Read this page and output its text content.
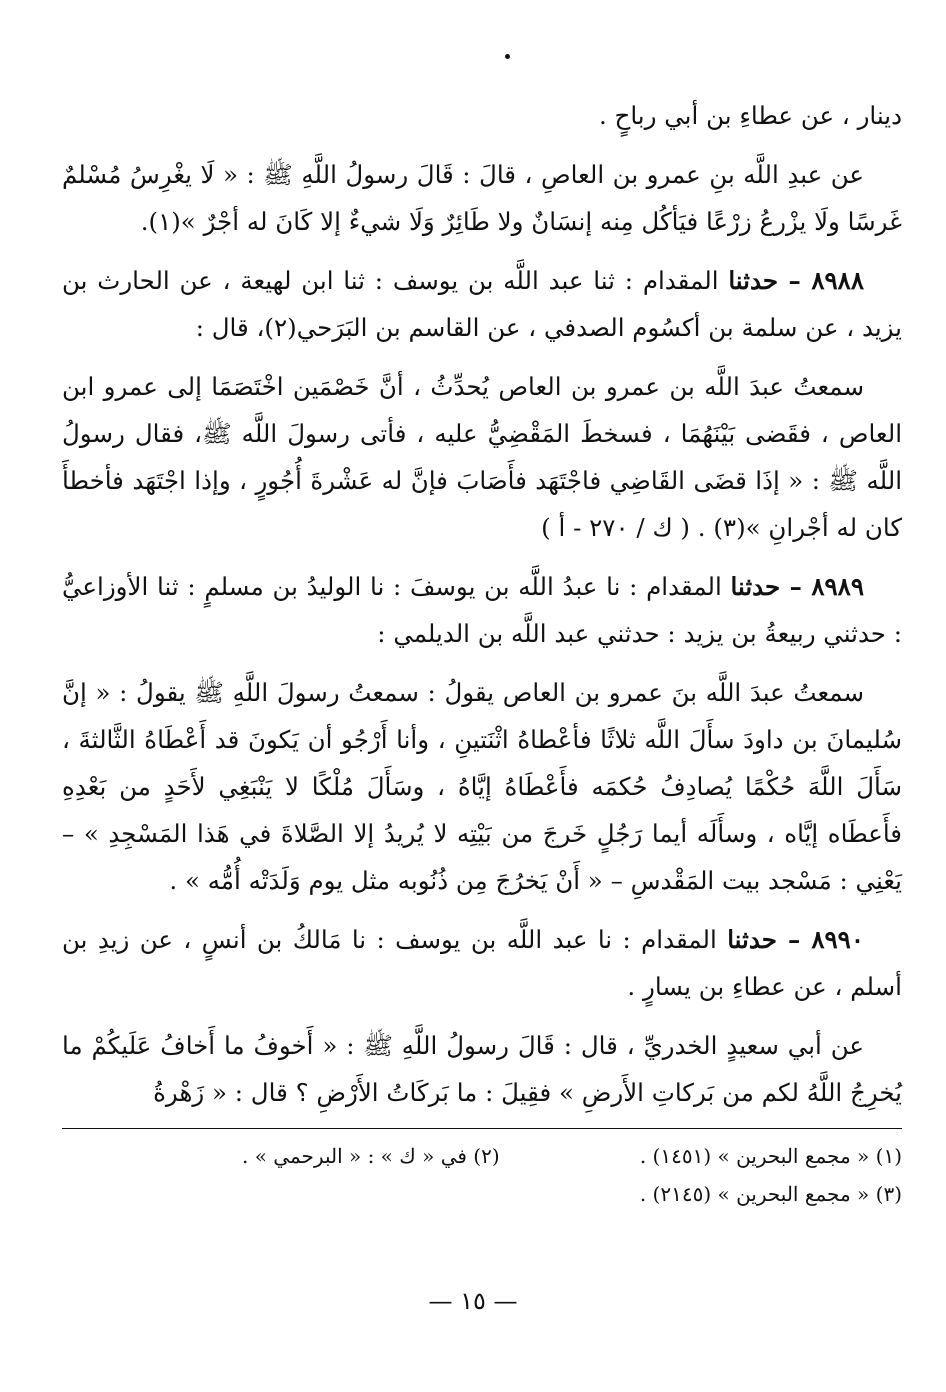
دينار ، عن عطاءِ بن أبي رباحٍ .

عن عبدِ اللَّه بنِ عمرو بن العاصِ ، قالَ : قَالَ رسولُ اللَّهِ ﷺ : « لَا يغْرِسُ مُسْلمٌ غَرسًا ولَا يزْرعُ زرْعًا فيَأكُل مِنه إنسَانٌ ولا طَائِرٌ وَلَا شيءٌ إلا كَانَ له أجْرٌ »(١).

٨٩٨٨ – حدثنا المقدام : ثنا عبد اللَّه بن يوسف : ثنا ابن لهيعة ، عن الحارث بن يزيد ، عن سلمة بن أكسُوم الصدفي ، عن القاسم بن البَرَحي(٢)، قال :

سمعتُ عبدَ اللَّه بن عمرو بن العاص يُحدِّثُ ، أنَّ خَصْمَين اخْتَصَمَا إلى عمرو ابن العاص ، فقَضى بَيْنَهُمَا ، فسخطَ المَقْضِيُّ عليه ، فأتى رسولَ اللَّه ﷺ، فقال رسولُ اللَّه ﷺ : « إذَا قضَى القَاضِي فاجْتَهَد فأَصَابَ فإنَّ له عَشْرةَ أُجُورٍ ، وإذا اجْتَهَد فأخطأَ كان له أجْرانِ »(٣) . ( ك / ٢٧٠ - أ )

٨٩٨٩ – حدثنا المقدام : نا عبدُ اللَّه بن يوسفَ : نا الوليدُ بن مسلمٍ : ثنا الأوزاعيُّ : حدثني ربيعةُ بن يزيد : حدثني عبد اللَّه بن الديلمي :

سمعتُ عبدَ اللَّه بنَ عمرو بن العاص يقولُ : سمعتُ رسولَ اللَّهِ ﷺ يقولُ : « إنَّ سُليمانَ بن داودَ سأَلَ اللَّه ثلاثًا فأعْطاهُ اثْنَتينِ ، وأنا أَرْجُو أن يَكونَ قد أَعْطَاهُ الثَّالثةَ ، سَأَلَ اللَّهَ حُكْمًا يُصادِفُ حُكمَه فأَعْطَاهُ إيَّاهُ ، وسَأَلَ مُلْكًا لا يَنْبَغِي لأَحَدٍ من بَعْدِهِ فأَعطَاه إيَّاه ، وسأَلَه أيما رَجُلٍ خَرجَ من بَيْتِه لا يُريدُ إلا الصَّلاةَ في هَذا المَسْجِدِ » – يَعْنِي : مَسْجد بيت المَقْدسِ – « أَنْ يَخرُجَ مِن ذُنُوبه مثل يوم وَلَدَتْه أُمُّه » .

٨٩٩٠ – حدثنا المقدام : نا عبد اللَّه بن يوسف : نا مَالكُ بن أنسٍ ، عن زيدِ بن أسلم ، عن عطاءِ بن يسارٍ .

عن أبي سعيدٍ الخدريِّ ، قال : قَالَ رسولُ اللَّهِ ﷺ : « أَخوفُ ما أَخافُ عَلَيكُمْ ما يُخرِجُ اللَّهُ لكم من بَركاتِ الأَرضِ » فقِيلَ : ما بَركَاتُ الأَرْضِ ؟ قال : « زَهْرةُ

(١) « مجمع البحرين » (١٤٥١) .
(٢) في « ك » : « البرحمي » .
(٣) « مجمع البحرين » (٢١٤٥) .
— ١٥ —
